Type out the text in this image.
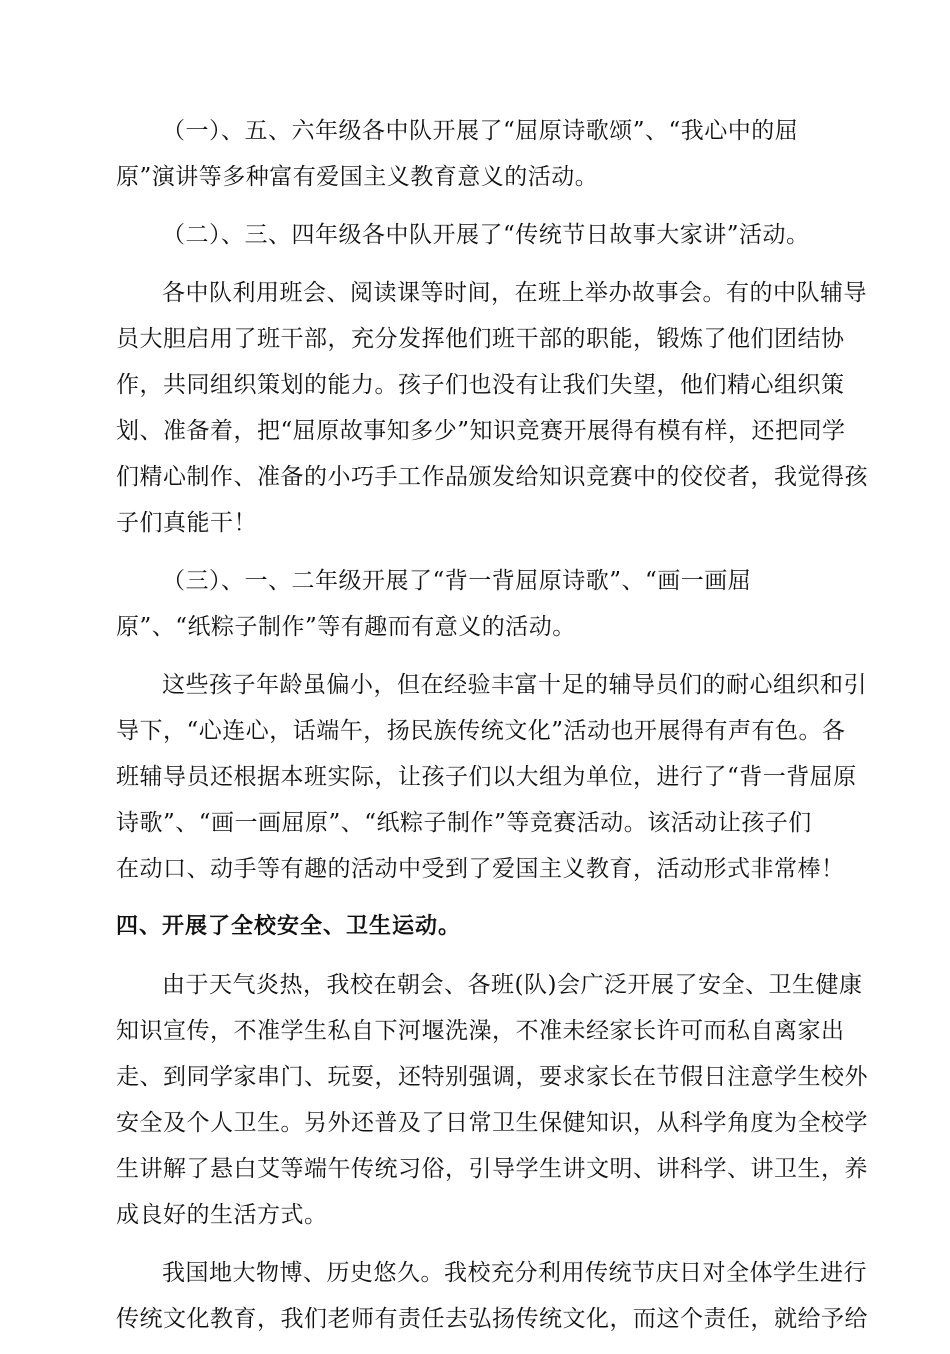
（一）、五、六年级各中队开展了“屈原诗歌颂”、“我心中的屈
原”演讲等多种富有爱国主义教育意义的活动。
（二）、三、四年级各中队开展了“传统节日故事大家讲”活动。
各中队利用班会、阅读课等时间，在班上举办故事会。有的中队辅导
员大胆启用了班干部，充分发挥他们班干部的职能，锻炼了他们团结协
作，共同组织策划的能力。孩子们也没有让我们失望，他们精心组织策
划、准备着，把“屈原故事知多少”知识竞赛开展得有模有样，还把同学
们精心制作、准备的小巧手工作品颁发给知识竞赛中的佼佼者，我觉得孩
子们真能干！
（三）、一、二年级开展了“背一背屈原诗歌”、“画一画屈
原”、“纸粽子制作”等有趣而有意义的活动。
这些孩子年龄虽偏小，但在经验丰富十足的辅导员们的耐心组织和引
导下，“心连心，话端午，扬民族传统文化”活动也开展得有声有色。各
班辅导员还根据本班实际，让孩子们以大组为单位，进行了“背一背屈原
诗歌”、“画一画屈原”、“纸粽子制作”等竞赛活动。该活动让孩子们
在动口、动手等有趣的活动中受到了爱国主义教育，活动形式非常棒！
四、开展了全校安全、卫生运动。
由于天气炎热，我校在朝会、各班(队)会广泛开展了安全、卫生健康
知识宣传，不准学生私自下河堰洗澡，不准未经家长许可而私自离家出
走、到同学家串门、玩耍，还特别强调，要求家长在节假日注意学生校外
安全及个人卫生。另外还普及了日常卫生保健知识，从科学角度为全校学
生讲解了悬白艾等端午传统习俗，引导学生讲文明、讲科学、讲卫生，养
成良好的生活方式。
我国地大物博、历史悠久。我校充分利用传统节庆日对全体学生进行
传统文化教育，我们老师有责任去弘扬传统文化，而这个责任，就给予给
